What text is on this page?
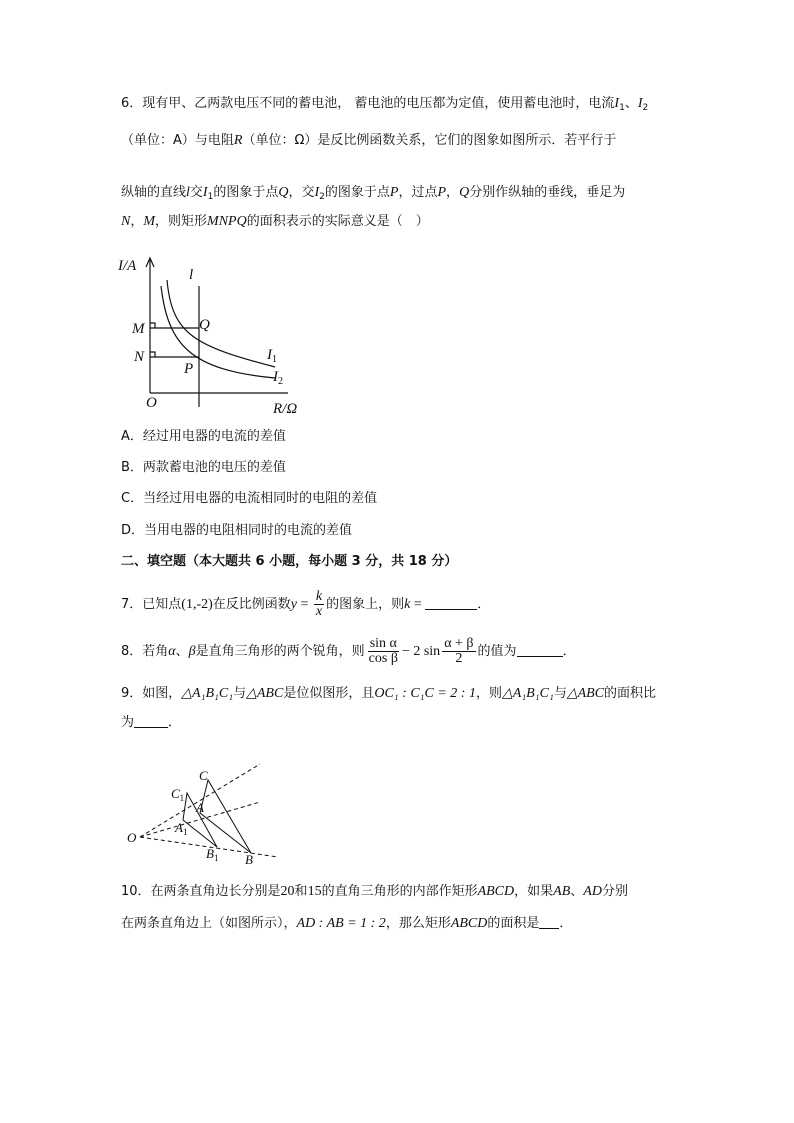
6．现有甲、乙两款电压不同的蓄电池， 蓄电池的电压都为定值，使用蓄电池时，电流$I_1$、$I_2$
（单位：A）与电阻R（单位：Ω）是反比例函数关系，它们的图象如图所示．若平行于
纵轴的直线l交$I_1$的图象于点Q，交$I_2$的图象于点P，过点P，Q分别作纵轴的垂线，垂足为
N，M，则矩形MNPQ的面积表示的实际意义是（　）
I/A
R/Ω
O
l
M
N
Q
P
$I_1$
$I_2$
A．经过用电器的电流的差值
B．两款蓄电池的电压的差值
C．当经过用电器的电流相同时的电阻的差值
D．当用电器的电阻相同时的电流的差值
二、填空题（本大题共 6 小题，每小题 3 分，共 18 分）
7．已知点(1,-2)在反比例函数$y = \frac{k}{x}$ 的图象上，则k =	．
8．若角α、β是直角三角形的两个锐角，则 $\frac{\text{sin α}}{\text{cos β}} - 2$ $\sin \frac{\alpha + \beta}{2}$ 的值为	．
9．如图，△A₁B₁C₁与△ABC是位似图形，且OC₁ : C₁C = 2 : 1，则△A₁B₁C₁与△ABC的面积比
为	．
O
C
A
B
$C_1$
$A_1$
$B_1$
10．在两条直角边长分别是20和15的直角三角形的内部作矩形ABCD，如果AB、AD分别
在两条直角边上（如图所示），AD : AB = 1 : 2，那么矩形ABCD的面积是 ．
